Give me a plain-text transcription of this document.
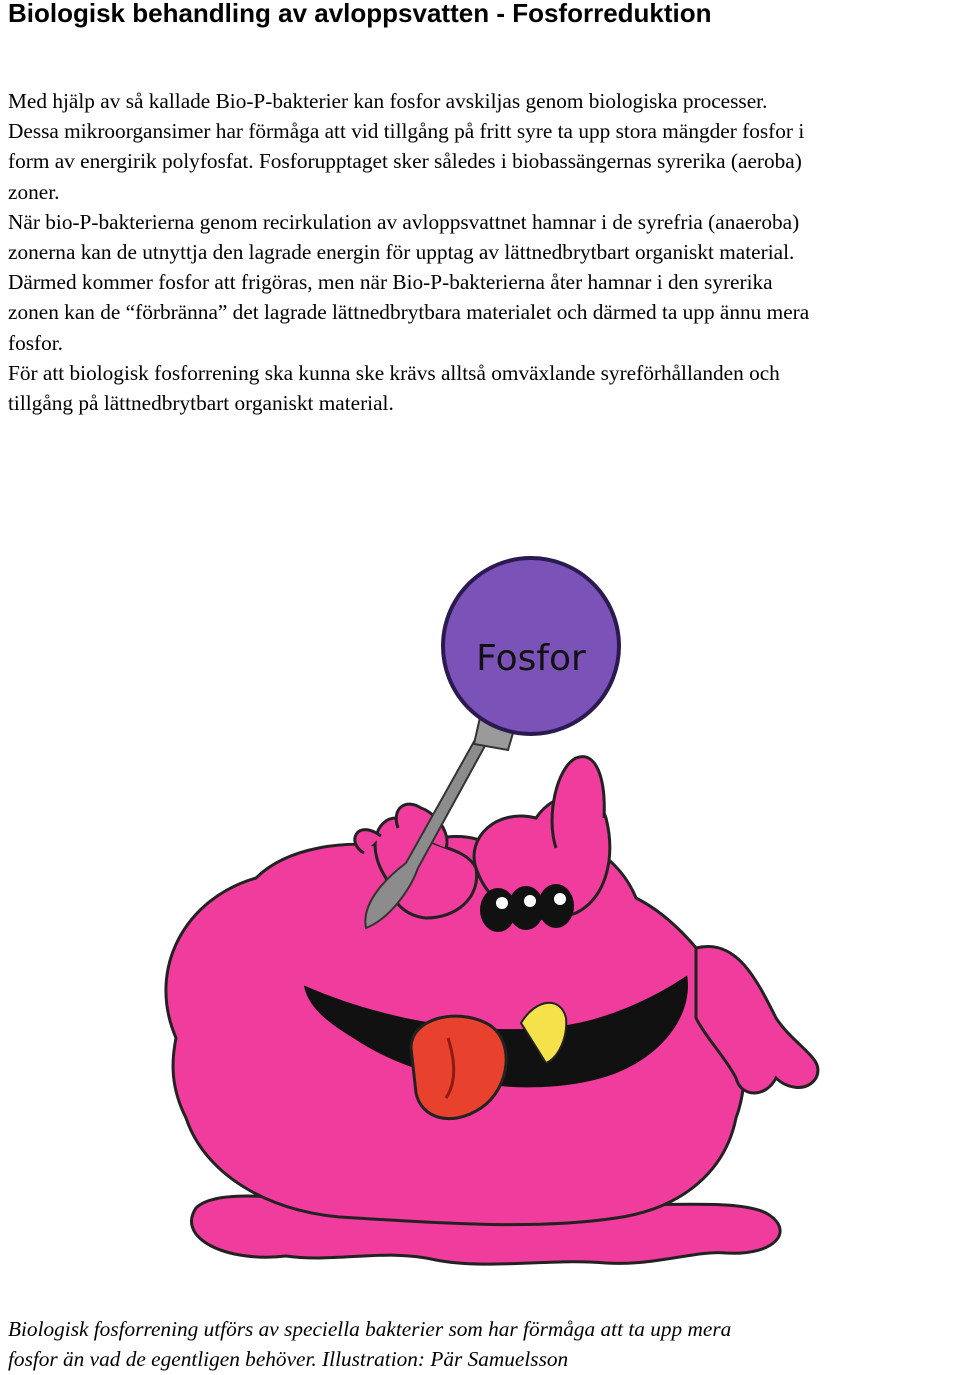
Biologisk behandling av avloppsvatten - Fosforreduktion
Med hjälp av så kallade Bio-P-bakterier kan fosfor avskiljas genom biologiska processer.
Dessa mikroorgansimer har förmåga att vid tillgång på fritt syre ta upp stora mängder fosfor i
form av energirik polyfosfat. Fosforupptaget sker således i biobassängernas syrerika (aeroba)
zoner.
När bio-P-bakterierna genom recirkulation av avloppsvattnet hamnar i de syrefria (anaeroba)
zonerna kan de utnyttja den lagrade energin för upptag av lättnedbrytbart organiskt material.
Därmed kommer fosfor att frigöras, men när Bio-P-bakterierna åter hamnar i den syrerika
zonen kan de “förbränna” det lagrade lättnedbrytbara materialet och därmed ta upp ännu mera
fosfor.
För att biologisk fosforrening ska kunna ske krävs alltså omväxlande syreförhållanden och
tillgång på lättnedbrytbart organiskt material.
Fosfor
Biologisk fosforrening utförs av speciella bakterier som har förmåga att ta upp mera
fosfor än vad de egentligen behöver. Illustration: Pär Samuelsson
